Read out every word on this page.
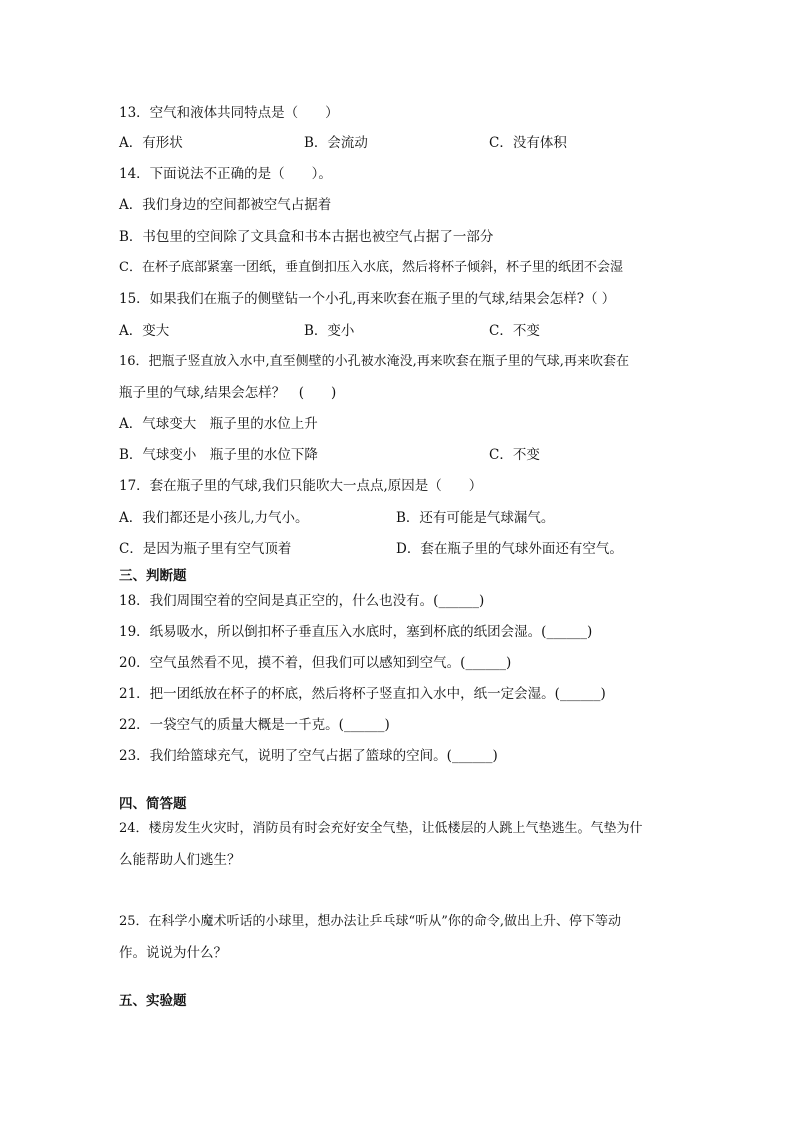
13．空气和液体共同特点是（　　）
A．有形状	B．会流动	C．没有体积
14．下面说法不正确的是（　　）。
A．我们身边的空间都被空气占据着
B．书包里的空间除了文具盒和书本古据也被空气占据了一部分
C．在杯子底部紧塞一团纸，垂直倒扣压入水底，然后将杯子倾斜，杯子里的纸团不会湿
15．如果我们在瓶子的侧壁钻一个小孔,再来吹套在瓶子里的气球,结果会怎样?（ ）
A．变大	B．变小	C．不变
16．把瓶子竖直放入水中,直至侧壁的小孔被水淹没,再来吹套在瓶子里的气球,再来吹套在
瓶子里的气球,结果会怎样？　(　　)
A．气球变大　瓶子里的水位上升
B．气球变小　瓶子里的水位下降	C．不变
17．套在瓶子里的气球,我们只能吹大一点点,原因是（　　）
A．我们都还是小孩儿,力气小。	B．还有可能是气球漏气。
C．是因为瓶子里有空气顶着	D．套在瓶子里的气球外面还有空气。
三、判断题
18．我们周围空着的空间是真正空的，什么也没有。(______)
19．纸易吸水，所以倒扣杯子垂直压入水底时，塞到杯底的纸团会湿。(______)
20．空气虽然看不见，摸不着，但我们可以感知到空气。(______)
21．把一团纸放在杯子的杯底，然后将杯子竖直扣入水中，纸一定会湿。(______)
22．一袋空气的质量大概是一千克。(______)
23．我们给篮球充气，说明了空气占据了篮球的空间。(______)
四、简答题
24．楼房发生火灾时，消防员有时会充好安全气垫，让低楼层的人跳上气垫逃生。气垫为什
么能帮助人们逃生？
25．在科学小魔术听话的小球里，想办法让乒乓球“听从”你的命令,做出上升、停下等动
作。说说为什么？
五、实验题
